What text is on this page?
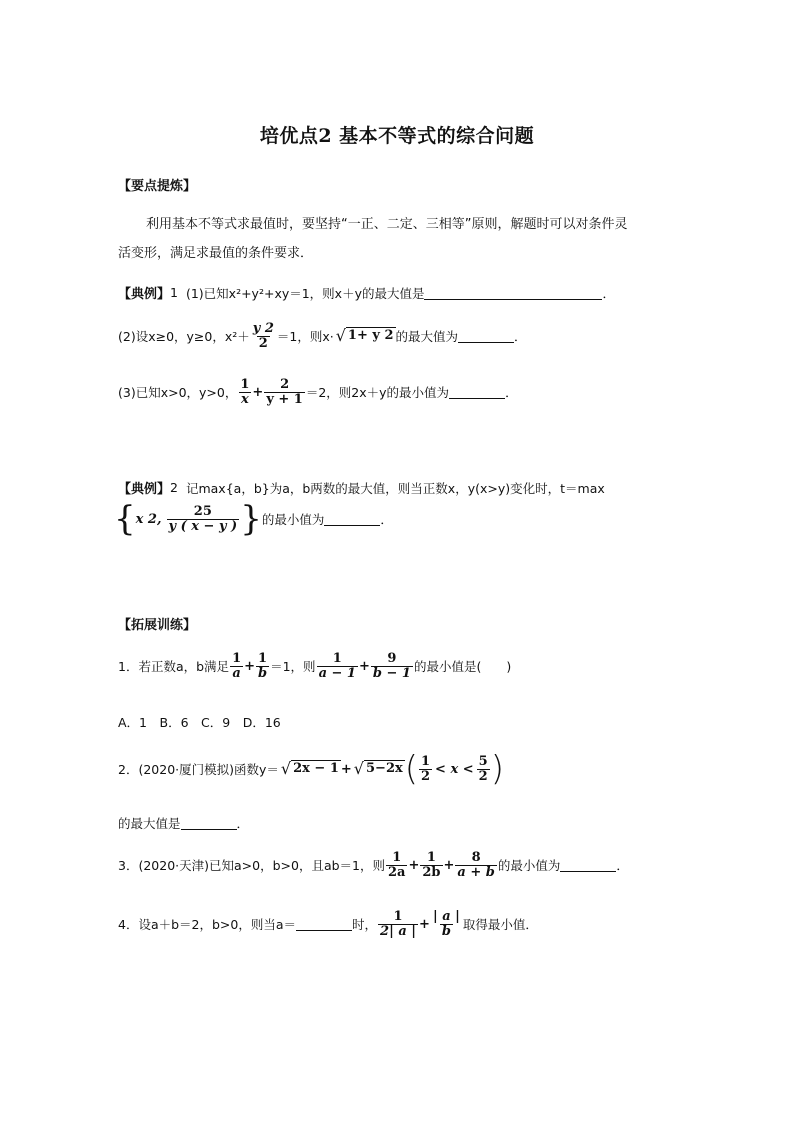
培优点2 基本不等式的综合问题
【要点提炼】
利用基本不等式求最值时，要坚持“一正、二定、三相等”原则，解题时可以对条件灵
活变形，满足求最值的条件要求．
【典例】 1 (1)已知x²+y²+xy＝1，则x＋y的最大值是	．
(2)设x≥0，y≥0，$x^2+ \frac{y 2}{2} =1$，则x· √ 1+ y 2 的最大值为	．
(3)已知x>0，y>0， $\frac{1}{x} + \frac{2}{y + 1} =2$，则2x＋y的最小值为	．
【典例】 2 记max{a，b}为a，b两数的最大值，则当正数x，y(x>y)变化时，t＝max
{ x 2, $\frac{25}{y ( x - y )}$ } 的最小值为	．
【拓展训练】
1．若正数a，b满足 $\frac{1}{a} + \frac{1}{b} =1$，则 $\frac{1}{a - 1} + \frac{9}{b - 1}$ 的最小值是(　　)
A．1　B．6　C．9　D．16
2．(2020·厦门模拟)函数y＝ √ 2x − 1 + √ 5−2x ( $\frac{1}{2} < x < \frac{5}{2}$ )
的最大值是	．
3．(2020·天津)已知a>0，b>0，且ab＝1，则 $\frac{1}{2a} + \frac{1}{2b} + \frac{8}{a + b}$ 的最小值为	．
4．设a＋b＝2，b>0，则当a＝	时， $\frac{1}{2| a |} + \frac{| a |}{b}$ 取得最小值．
